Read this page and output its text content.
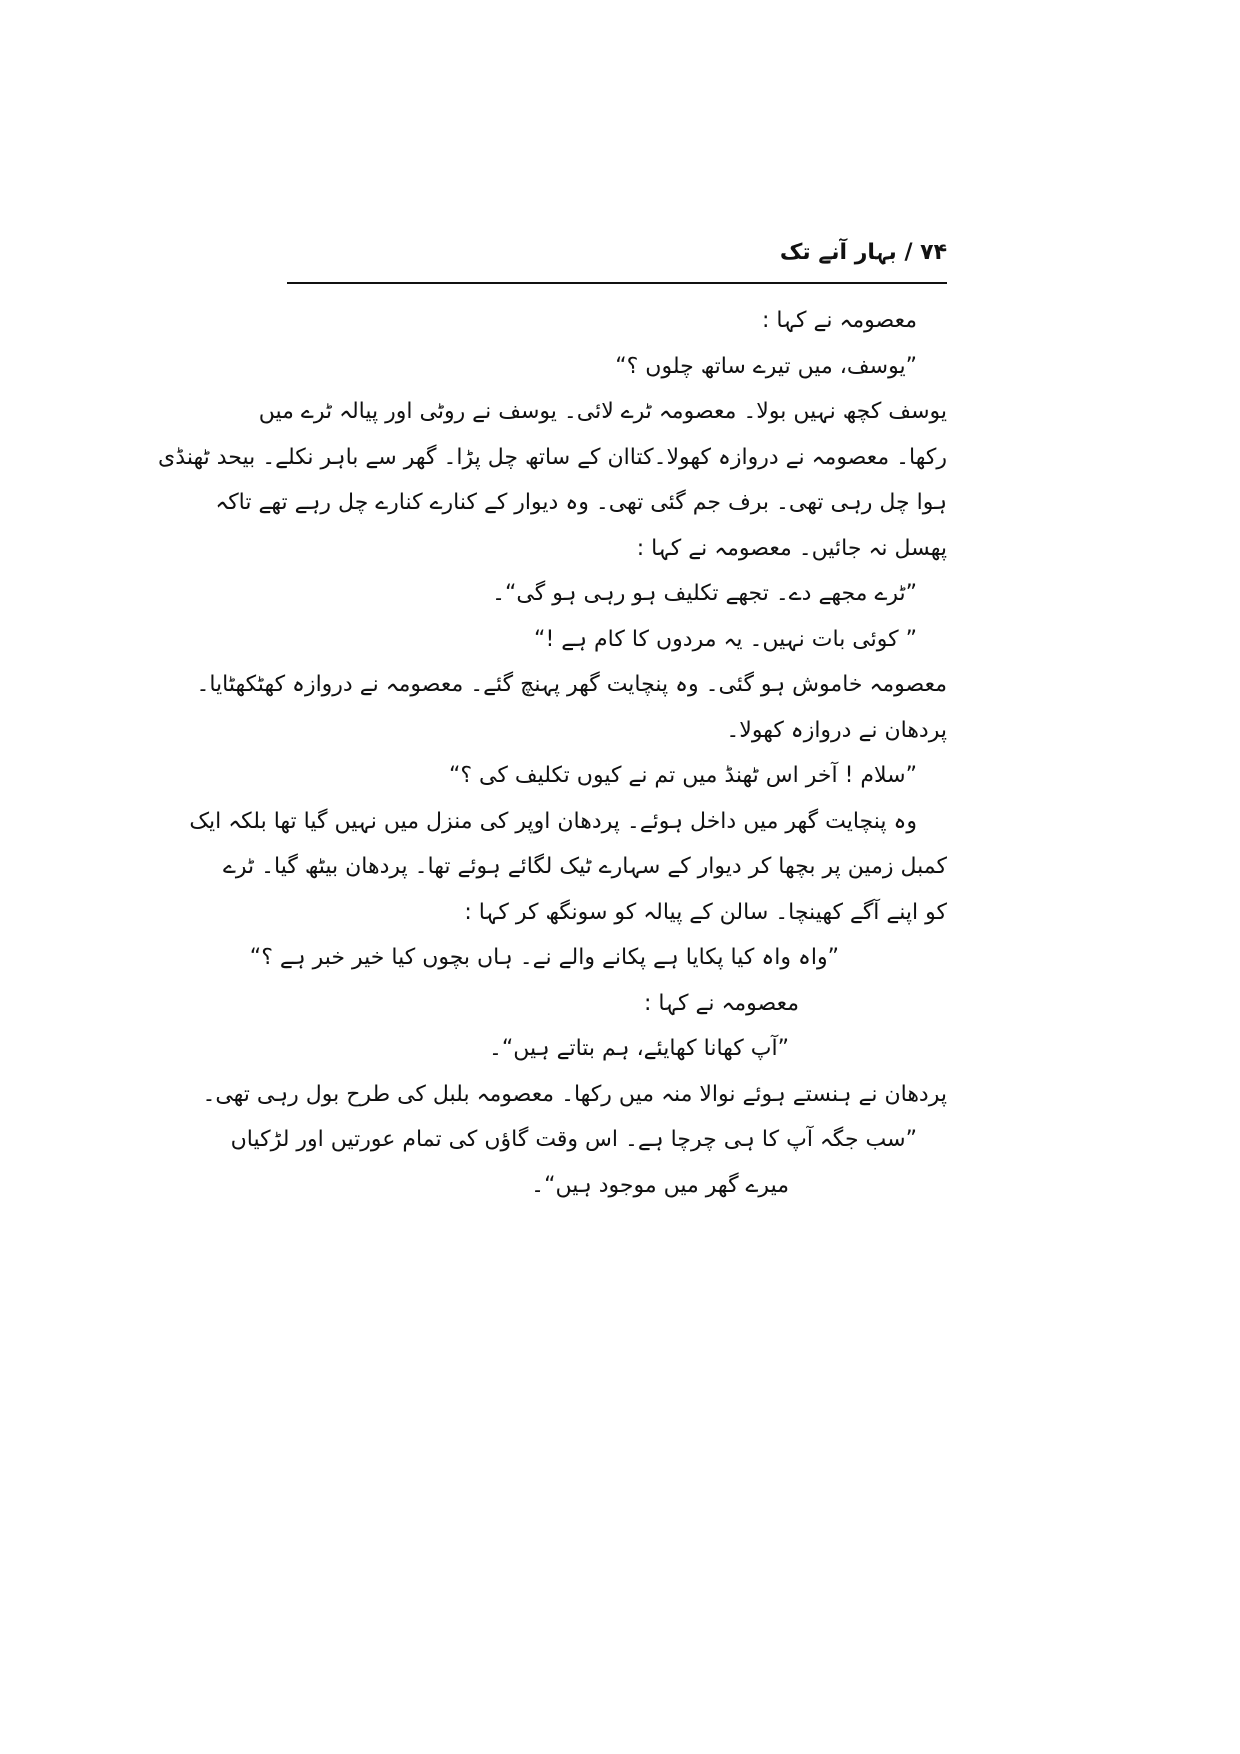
۷۴ / بہار آنے تک
معصومہ نے کہا :
”یوسف، میں تیرے ساتھ چلوں ؟“
یوسف کچھ نہیں بولا۔ معصومہ ٹرے لائی۔ یوسف نے روٹی اور پیالہ ٹرے میں
رکھا۔ معصومہ نے دروازہ کھولا۔کتاان کے ساتھ چل پڑا۔ گھر سے باہر نکلے۔ بیحد ٹھنڈی
ہوا چل رہی تھی۔ برف جم گئی تھی۔ وہ دیوار کے کنارے کنارے چل رہے تھے تاکہ
پھسل نہ جائیں۔ معصومہ نے کہا :
”ٹرے مجھے دے۔ تجھے تکلیف ہو رہی ہو گی“۔
” کوئی بات نہیں۔ یہ مردوں کا کام ہے !“
معصومہ خاموش ہو گئی۔ وہ پنچایت گھر پہنچ گئے۔ معصومہ نے دروازہ کھٹکھٹایا۔
پردھان نے دروازہ کھولا۔
”سلام ! آخر اس ٹھنڈ میں تم نے کیوں تکلیف کی ؟“
وہ پنچایت گھر میں داخل ہوئے۔ پردھان اوپر کی منزل میں نہیں گیا تھا بلکہ ایک
کمبل زمین پر بچھا کر دیوار کے سہارے ٹیک لگائے ہوئے تھا۔ پردھان بیٹھ گیا۔ ٹرے
کو اپنے آگے کھینچا۔ سالن کے پیالہ کو سونگھ کر کہا :
”واہ واہ کیا پکایا ہے پکانے والے نے۔ ہاں بچوں کیا خیر خبر ہے ؟“
معصومہ نے کہا :
”آپ کھانا کھایئے، ہم بتاتے ہیں“۔
پردھان نے ہنستے ہوئے نوالا منہ میں رکھا۔ معصومہ بلبل کی طرح بول رہی تھی۔
”سب جگہ آپ کا ہی چرچا ہے۔ اس وقت گاؤں کی تمام عورتیں اور لڑکیاں
میرے گھر میں موجود ہیں“۔
